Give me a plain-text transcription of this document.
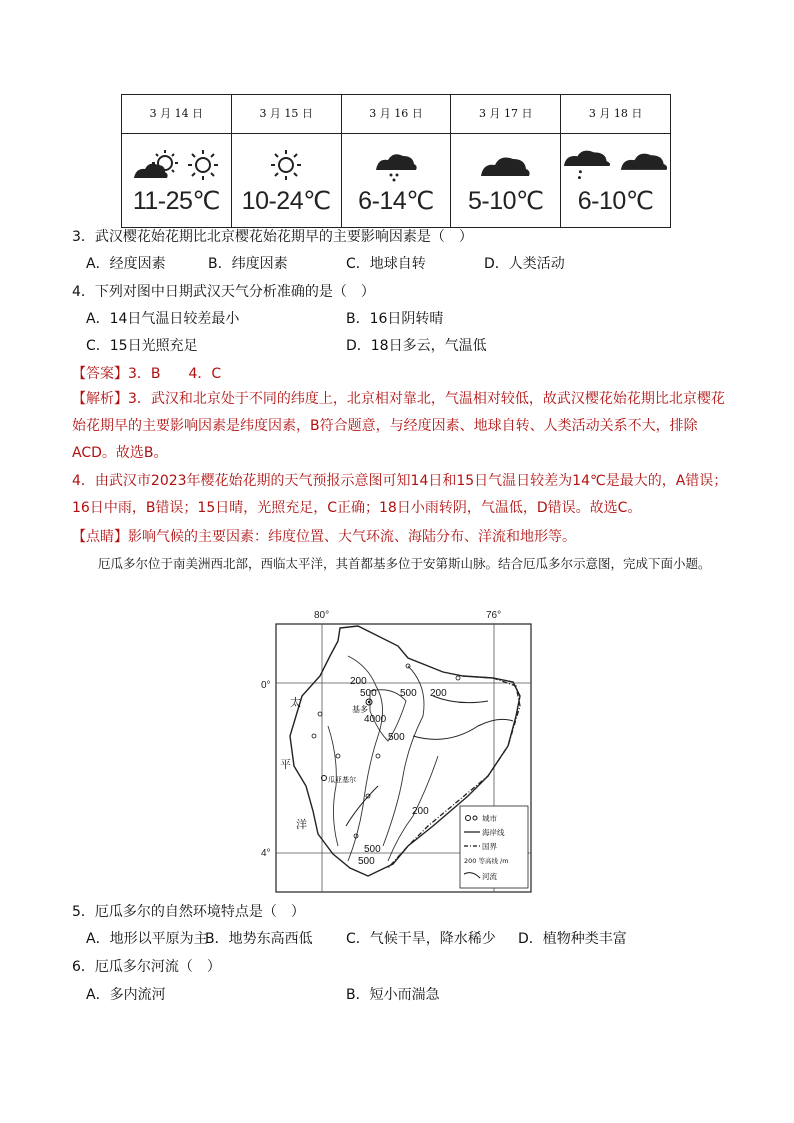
3 月 14 日	3 月 15 日	3 月 16 日	3 月 17 日	3 月 18 日

11-25℃	10-24℃	6-14℃	5-10℃	6-10℃
3．武汉樱花始花期比北京樱花始花期早的主要影响因素是（　）
A．经度因素	B．纬度因素	C．地球自转	D．人类活动
4．下列对图中日期武汉天气分析准确的是（　）
A．14日气温日较差最小	B．16日阴转晴
C．15日光照充足	D．18日多云，气温低
【答案】3．B　　4．C
【解析】3．武汉和北京处于不同的纬度上，北京相对靠北，气温相对较低，故武汉樱花始花期比北京樱花始花期早的主要影响因素是纬度因素，B符合题意，与经度因素、地球自转、人类活动关系不大，排除ACD。故选B。
4．由武汉市2023年樱花始花期的天气预报示意图可知14日和15日气温日较差为14℃是最大的，A错误；16日中雨，B错误；15日晴，光照充足，C正确；18日小雨转阴，气温低，D错误。故选C。
【点睛】影响气候的主要因素：纬度位置、大气环流、海陆分布、洋流和地形等。
厄瓜多尔位于南美洲西北部，西临太平洋，其首都基多位于安第斯山脉。结合厄瓜多尔示意图，完成下面小题。
80°	76°
0°
4°
200
500 500 200
4000
500
200
500
500
太
平
洋
基多
瓜亚基尔
城市
海岸线
国界
200 等高线 /m
河流
5．厄瓜多尔的自然环境特点是（　）
A．地形以平原为主
B．地势东高西低 C．气候干旱，降水稀少 D．植物种类丰富
6．厄瓜多尔河流（　）
A．多内流河	B．短小而湍急
